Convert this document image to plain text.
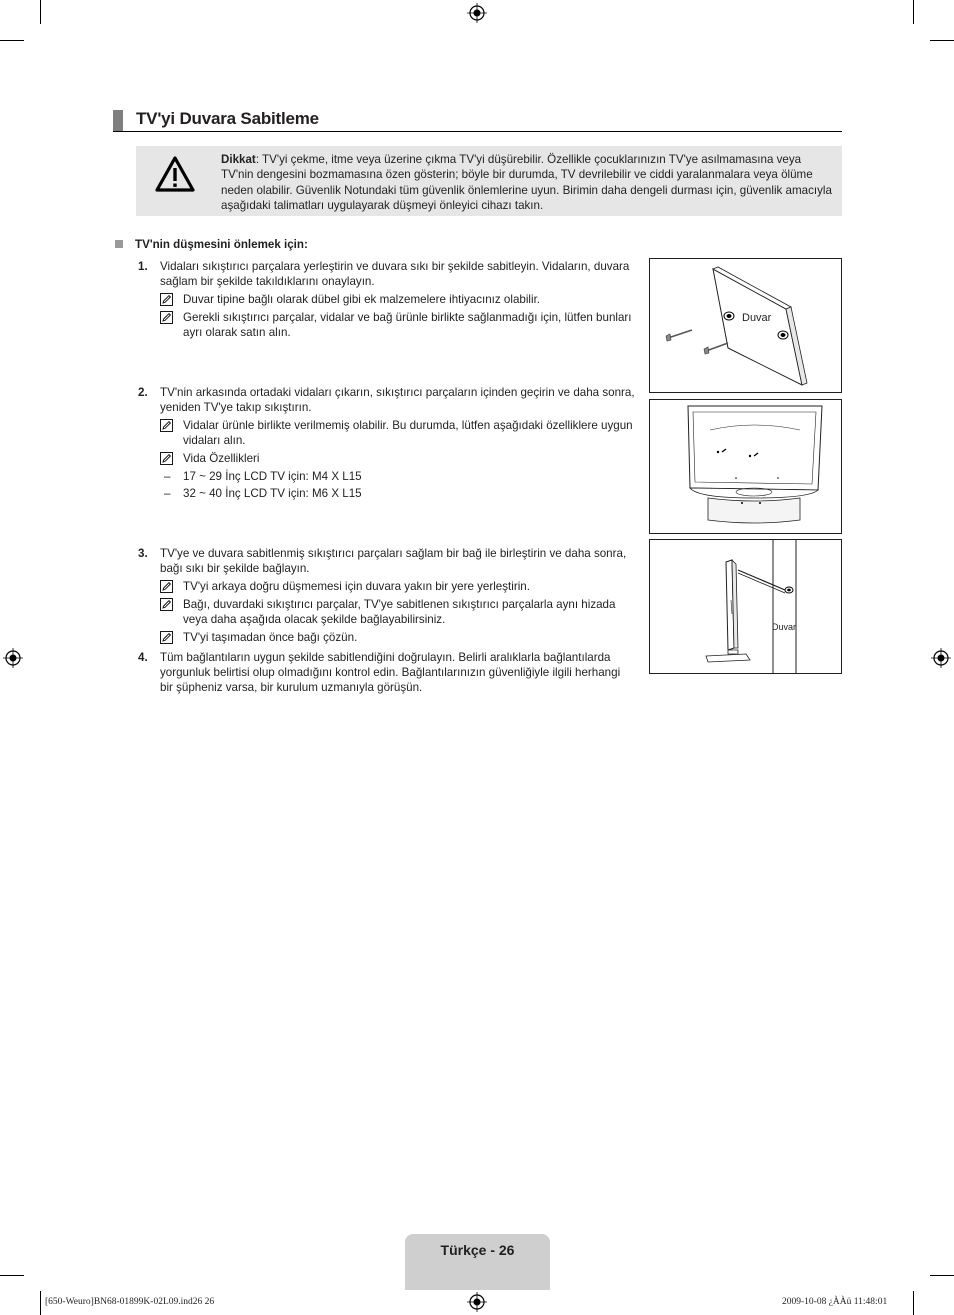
TV'yi Duvara Sabitleme
Dikkat: TV'yi çekme, itme veya üzerine çıkma TV'yi düşürebilir. Özellikle çocuklarınızın TV'ye asılmamasına veya TV'nin dengesini bozmamasına özen gösterin; böyle bir durumda, TV devrilebilir ve ciddi yaralanmalara veya ölüme neden olabilir. Güvenlik Notundaki tüm güvenlik önlemlerine uyun. Birimin daha dengeli durması için, güvenlik amacıyla aşağıdaki talimatları uygulayarak düşmeyi önleyici cihazı takın.
TV'nin düşmesini önlemek için:
1. Vidaları sıkıştırıcı parçalara yerleştirin ve duvara sıkı bir şekilde sabitleyin. Vidaların, duvara sağlam bir şekilde takıldıklarını onaylayın.
Duvar tipine bağlı olarak dübel gibi ek malzemelere ihtiyacınız olabilir.
Gerekli sıkıştırıcı parçalar, vidalar ve bağ ürünle birlikte sağlanmadığı için, lütfen bunları ayrı olarak satın alın.
2. TV'nin arkasında ortadaki vidaları çıkarın, sıkıştırıcı parçaların içinden geçirin ve daha sonra, yeniden TV'ye takıp sıkıştırın.
Vidalar ürünle birlikte verilmemiş olabilir. Bu durumda, lütfen aşağıdaki özelliklere uygun vidaları alın.
Vida Özellikleri
– 17 ~ 29 İnç LCD TV için: M4 X L15
– 32 ~ 40 İnç LCD TV için: M6 X L15
3. TV'ye ve duvara sabitlenmiş sıkıştırıcı parçaları sağlam bir bağ ile birleştirin ve daha sonra, bağı sıkı bir şekilde bağlayın.
TV'yi arkaya doğru düşmemesi için duvara yakın bir yere yerleştirin.
Bağı, duvardaki sıkıştırıcı parçalar, TV'ye sabitlenen sıkıştırıcı parçalarla aynı hizada veya daha aşağıda olacak şekilde bağlayabilirsiniz.
TV'yi taşımadan önce bağı çözün.
4. Tüm bağlantıların uygun şekilde sabitlendiğini doğrulayın. Belirli aralıklarla bağlantılarda yorgunluk belirtisi olup olmadığını kontrol edin. Bağlantılarınızın güvenliğiyle ilgili herhangi bir şüpheniz varsa, bir kurulum uzmanıyla görüşün.
Duvar
Duvar
Türkçe - 26
[650-Weuro]BN68-01899K-02L09.ind26 26	2009-10-08 ¿ÀÀü 11:48:01
